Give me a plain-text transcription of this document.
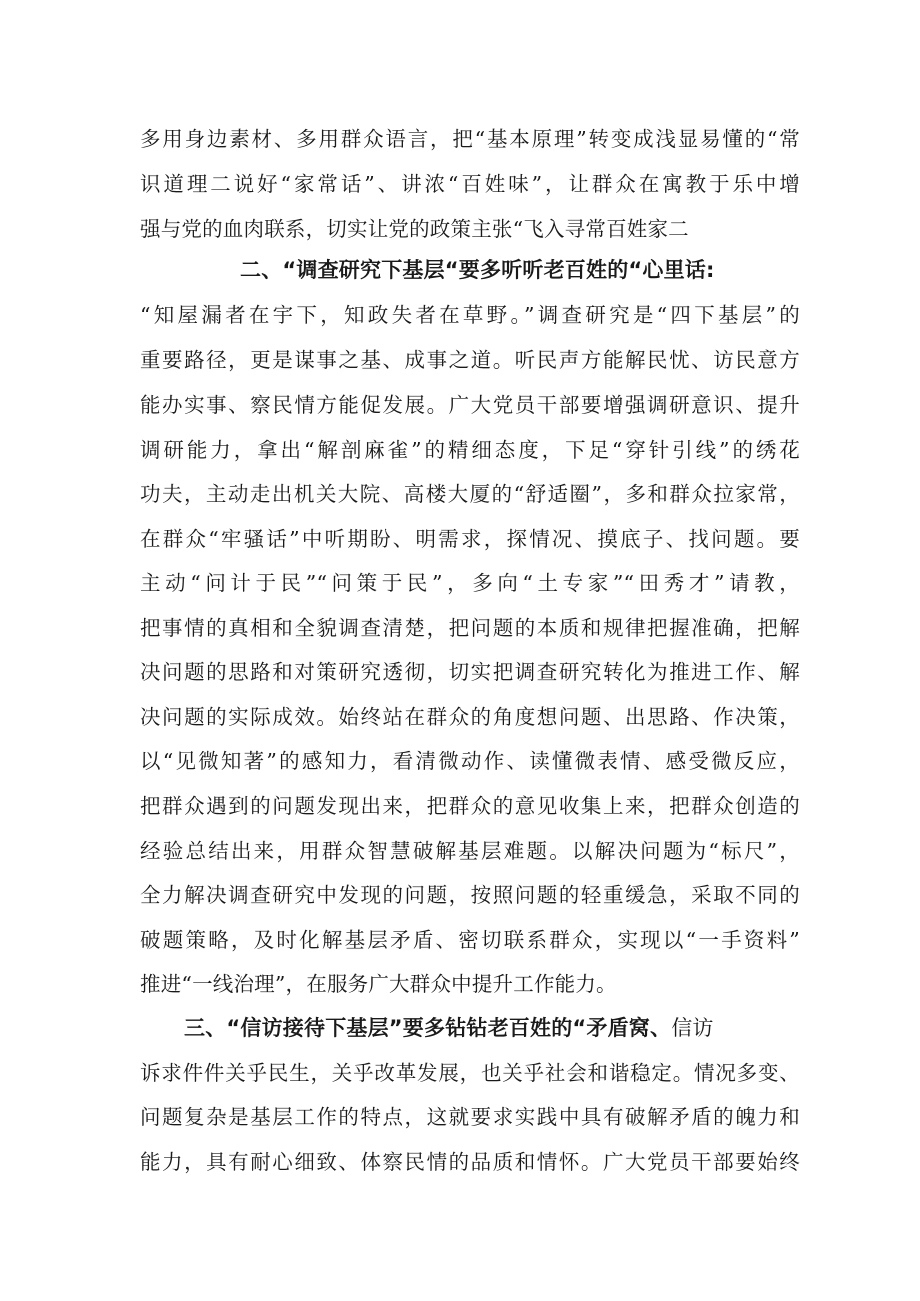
多用身边素材、多用群众语言，把“基本原理”转变成浅显易懂的“常
识道理二说好“家常话”、讲浓“百姓味”，让群众在寓教于乐中增
强与党的血肉联系，切实让党的政策主张“飞入寻常百姓家二
二、“调查研究下基层“要多听听老百姓的“心里话:
“知屋漏者在宇下，知政失者在草野。”调查研究是“四下基层”的
重要路径，更是谋事之基、成事之道。听民声方能解民忧、访民意方
能办实事、察民情方能促发展。广大党员干部要增强调研意识、提升
调研能力，拿出“解剖麻雀”的精细态度，下足“穿针引线”的绣花
功夫，主动走出机关大院、高楼大厦的“舒适圈”，多和群众拉家常，
在群众“牢骚话”中听期盼、明需求，探情况、摸底子、找问题。要
主动“问计于民”“问策于民”，多向“土专家”“田秀才”请教，
把事情的真相和全貌调查清楚，把问题的本质和规律把握准确，把解
决问题的思路和对策研究透彻，切实把调查研究转化为推进工作、解
决问题的实际成效。始终站在群众的角度想问题、出思路、作决策，
以“见微知著”的感知力，看清微动作、读懂微表情、感受微反应，
把群众遇到的问题发现出来，把群众的意见收集上来，把群众创造的
经验总结出来，用群众智慧破解基层难题。以解决问题为“标尺”，
全力解决调查研究中发现的问题，按照问题的轻重缓急，采取不同的
破题策略，及时化解基层矛盾、密切联系群众，实现以“一手资料”
推进“一线治理”，在服务广大群众中提升工作能力。
三、“信访接待下基层”要多钻钻老百姓的“矛盾窝、信访
诉求件件关乎民生，关乎改革发展，也关乎社会和谐稳定。情况多变、
问题复杂是基层工作的特点，这就要求实践中具有破解矛盾的魄力和
能力，具有耐心细致、体察民情的品质和情怀。广大党员干部要始终
